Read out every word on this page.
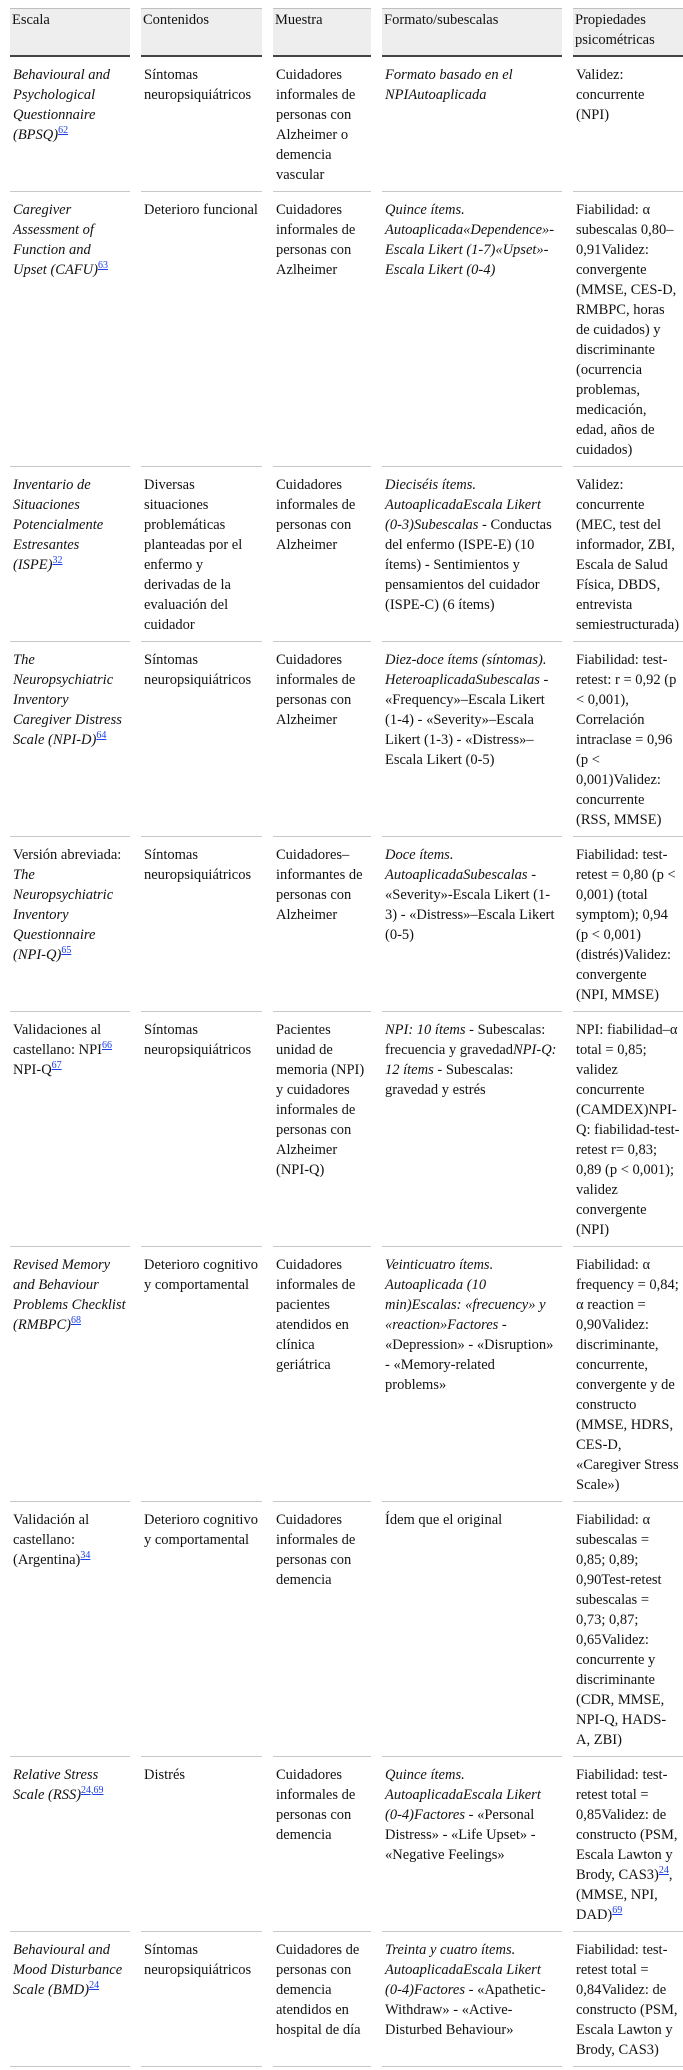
Escala		Contenidos		Muestra		Formato/subescalas		Propiedades psicométricas
Behavioural and Psychological Questionnaire (BPSQ)$^{62}$		Síntomas neuropsiquiátricos		Cuidadores informales de personas con Alzheimer o demencia vascular		Formato basado en el NPIAutoaplicada		Validez: concurrente (NPI)
Caregiver Assessment of Function and Upset (CAFU)$^{63}$		Deterioro funcional		Cuidadores informales de personas con Azlheimer		Quince ítems. Autoaplicada«Dependence»-Escala Likert (1-7)«Upset»-Escala Likert (0-4)		Fiabilidad: α subescalas 0,80–0,91Validez: convergente (MMSE, CES-D, RMBPC, horas de cuidados) y discriminante (ocurrencia problemas, medicación, edad, años de cuidados)
Inventario de Situaciones Potencialmente Estresantes (ISPE)$^{32}$		Diversas situaciones problemáticas planteadas por el enfermo y derivadas de la evaluación del cuidador		Cuidadores informales de personas con Alzheimer		Dieciséis ítems. AutoaplicadaEscala Likert (0-3)Subescalas - Conductas del enfermo (ISPE-E) (10 ítems) - Sentimientos y pensamientos del cuidador (ISPE-C) (6 ítems)		Validez: concurrente (MEC, test del informador, ZBI, Escala de Salud Física, DBDS, entrevista semiestructurada)
The Neuropsychiatric Inventory Caregiver Distress Scale (NPI-D)$^{64}$		Síntomas neuropsiquiátricos		Cuidadores informales de personas con Alzheimer		Diez-doce ítems (síntomas). HeteroaplicadaSubescalas - «Frequency»–Escala Likert (1-4) - «Severity»–Escala Likert (1-3) - «Distress»–Escala Likert (0-5)		Fiabilidad: test-retest: r = 0,92 (p < 0,001), Correlación intraclase = 0,96 (p < 0,001)Validez: concurrente (RSS, MMSE)
Versión abreviada: The Neuropsychiatric Inventory Questionnaire (NPI-Q)$^{65}$		Síntomas neuropsiquiátricos		Cuidadores–informantes de personas con Alzheimer		Doce ítems. AutoaplicadaSubescalas - «Severity»-Escala Likert (1-3) - «Distress»–Escala Likert (0-5)		Fiabilidad: test-retest = 0,80 (p < 0,001) (total symptom); 0,94 (p < 0,001) (distrés)Validez: convergente (NPI, MMSE)
Validaciones al castellano: NPI$^{66}$ NPI-Q$^{67}$		Síntomas neuropsiquiátricos		Pacientes unidad de memoria (NPI) y cuidadores informales de personas con Alzheimer (NPI-Q)		NPI: 10 ítems - Subescalas: frecuencia y gravedadNPI-Q: 12 ítems - Subescalas: gravedad y estrés		NPI: fiabilidad–α total = 0,85; validez concurrente (CAMDEX)NPI-Q: fiabilidad-test-retest r= 0,83; 0,89 (p < 0,001); validez convergente (NPI)
Revised Memory and Behaviour Problems Checklist (RMBPC)$^{68}$		Deterioro cognitivo y comportamental		Cuidadores informales de pacientes atendidos en clínica geriátrica		Veinticuatro ítems. Autoaplicada (10 min)Escalas: «frecuency» y «reaction»Factores - «Depression» - «Disruption» - «Memory-related problems»		Fiabilidad: α frequency = 0,84; α reaction = 0,90Validez: discriminante, concurrente, convergente y de constructo (MMSE, HDRS, CES-D, «Caregiver Stress Scale»)
Validación al castellano: (Argentina)$^{34}$		Deterioro cognitivo y comportamental		Cuidadores informales de personas con demencia		Ídem que el original		Fiabilidad: α subescalas = 0,85; 0,89; 0,90Test-retest subescalas = 0,73; 0,87; 0,65Validez: concurrente y discriminante (CDR, MMSE, NPI-Q, HADS-A, ZBI)
Relative Stress Scale (RSS)$^{24,69}$		Distrés		Cuidadores informales de personas con demencia		Quince ítems. AutoaplicadaEscala Likert (0-4)Factores - «Personal Distress» - «Life Upset» - «Negative Feelings»		Fiabilidad: test-retest total = 0,85Validez: de constructo (PSM, Escala Lawton y Brody, CAS3)$^{24}$, (MMSE, NPI, DAD)$^{69}$
Behavioural and Mood Disturbance Scale (BMD)$^{24}$		Síntomas neuropsiquiátricos		Cuidadores de personas con demencia atendidos en hospital de día		Treinta y cuatro ítems. AutoaplicadaEscala Likert (0-4)Factores - «Apathetic-Withdraw» - «Active-Disturbed Behaviour»		Fiabilidad: test-retest total = 0,84Validez: de constructo (PSM, Escala Lawton y Brody, CAS3)
